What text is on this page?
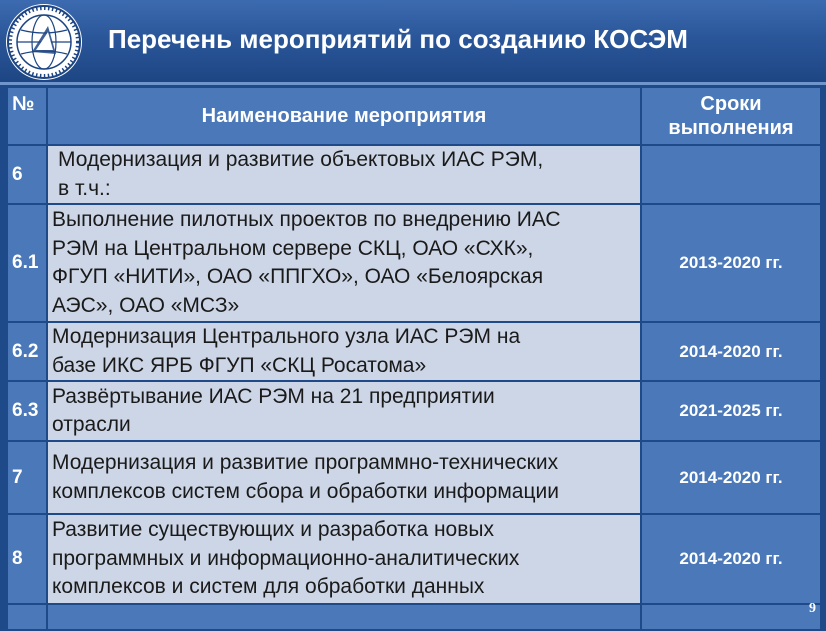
Перечень мероприятий по созданию КОСЭМ
№	Наименование мероприятия	Сроки выполнения
6	Модернизация и развитие объектовых ИАС РЭМ,
в т.ч.:	

6.1	Выполнение пилотных проектов по внедрению ИАС
РЭМ на Центральном сервере СКЦ, ОАО «СХК»,
ФГУП «НИТИ», ОАО «ППГХО», ОАО «Белоярская
АЭС», ОАО «МСЗ»	2013-2020 гг.
6.2	Модернизация Центрального узла ИАС РЭМ на
базе ИКС ЯРБ ФГУП «СКЦ Росатома»	2014-2020 гг.
6.3	Развёртывание ИАС РЭМ на 21 предприятии
отрасли	2021-2025 гг.
7	Модернизация и развитие программно-технических
комплексов систем сбора и обработки информации	2014-2020 гг.
8	Развитие существующих и разработка новых
программных и информационно-аналитических
комплексов и систем для обработки данных	2014-2020 гг.

9
